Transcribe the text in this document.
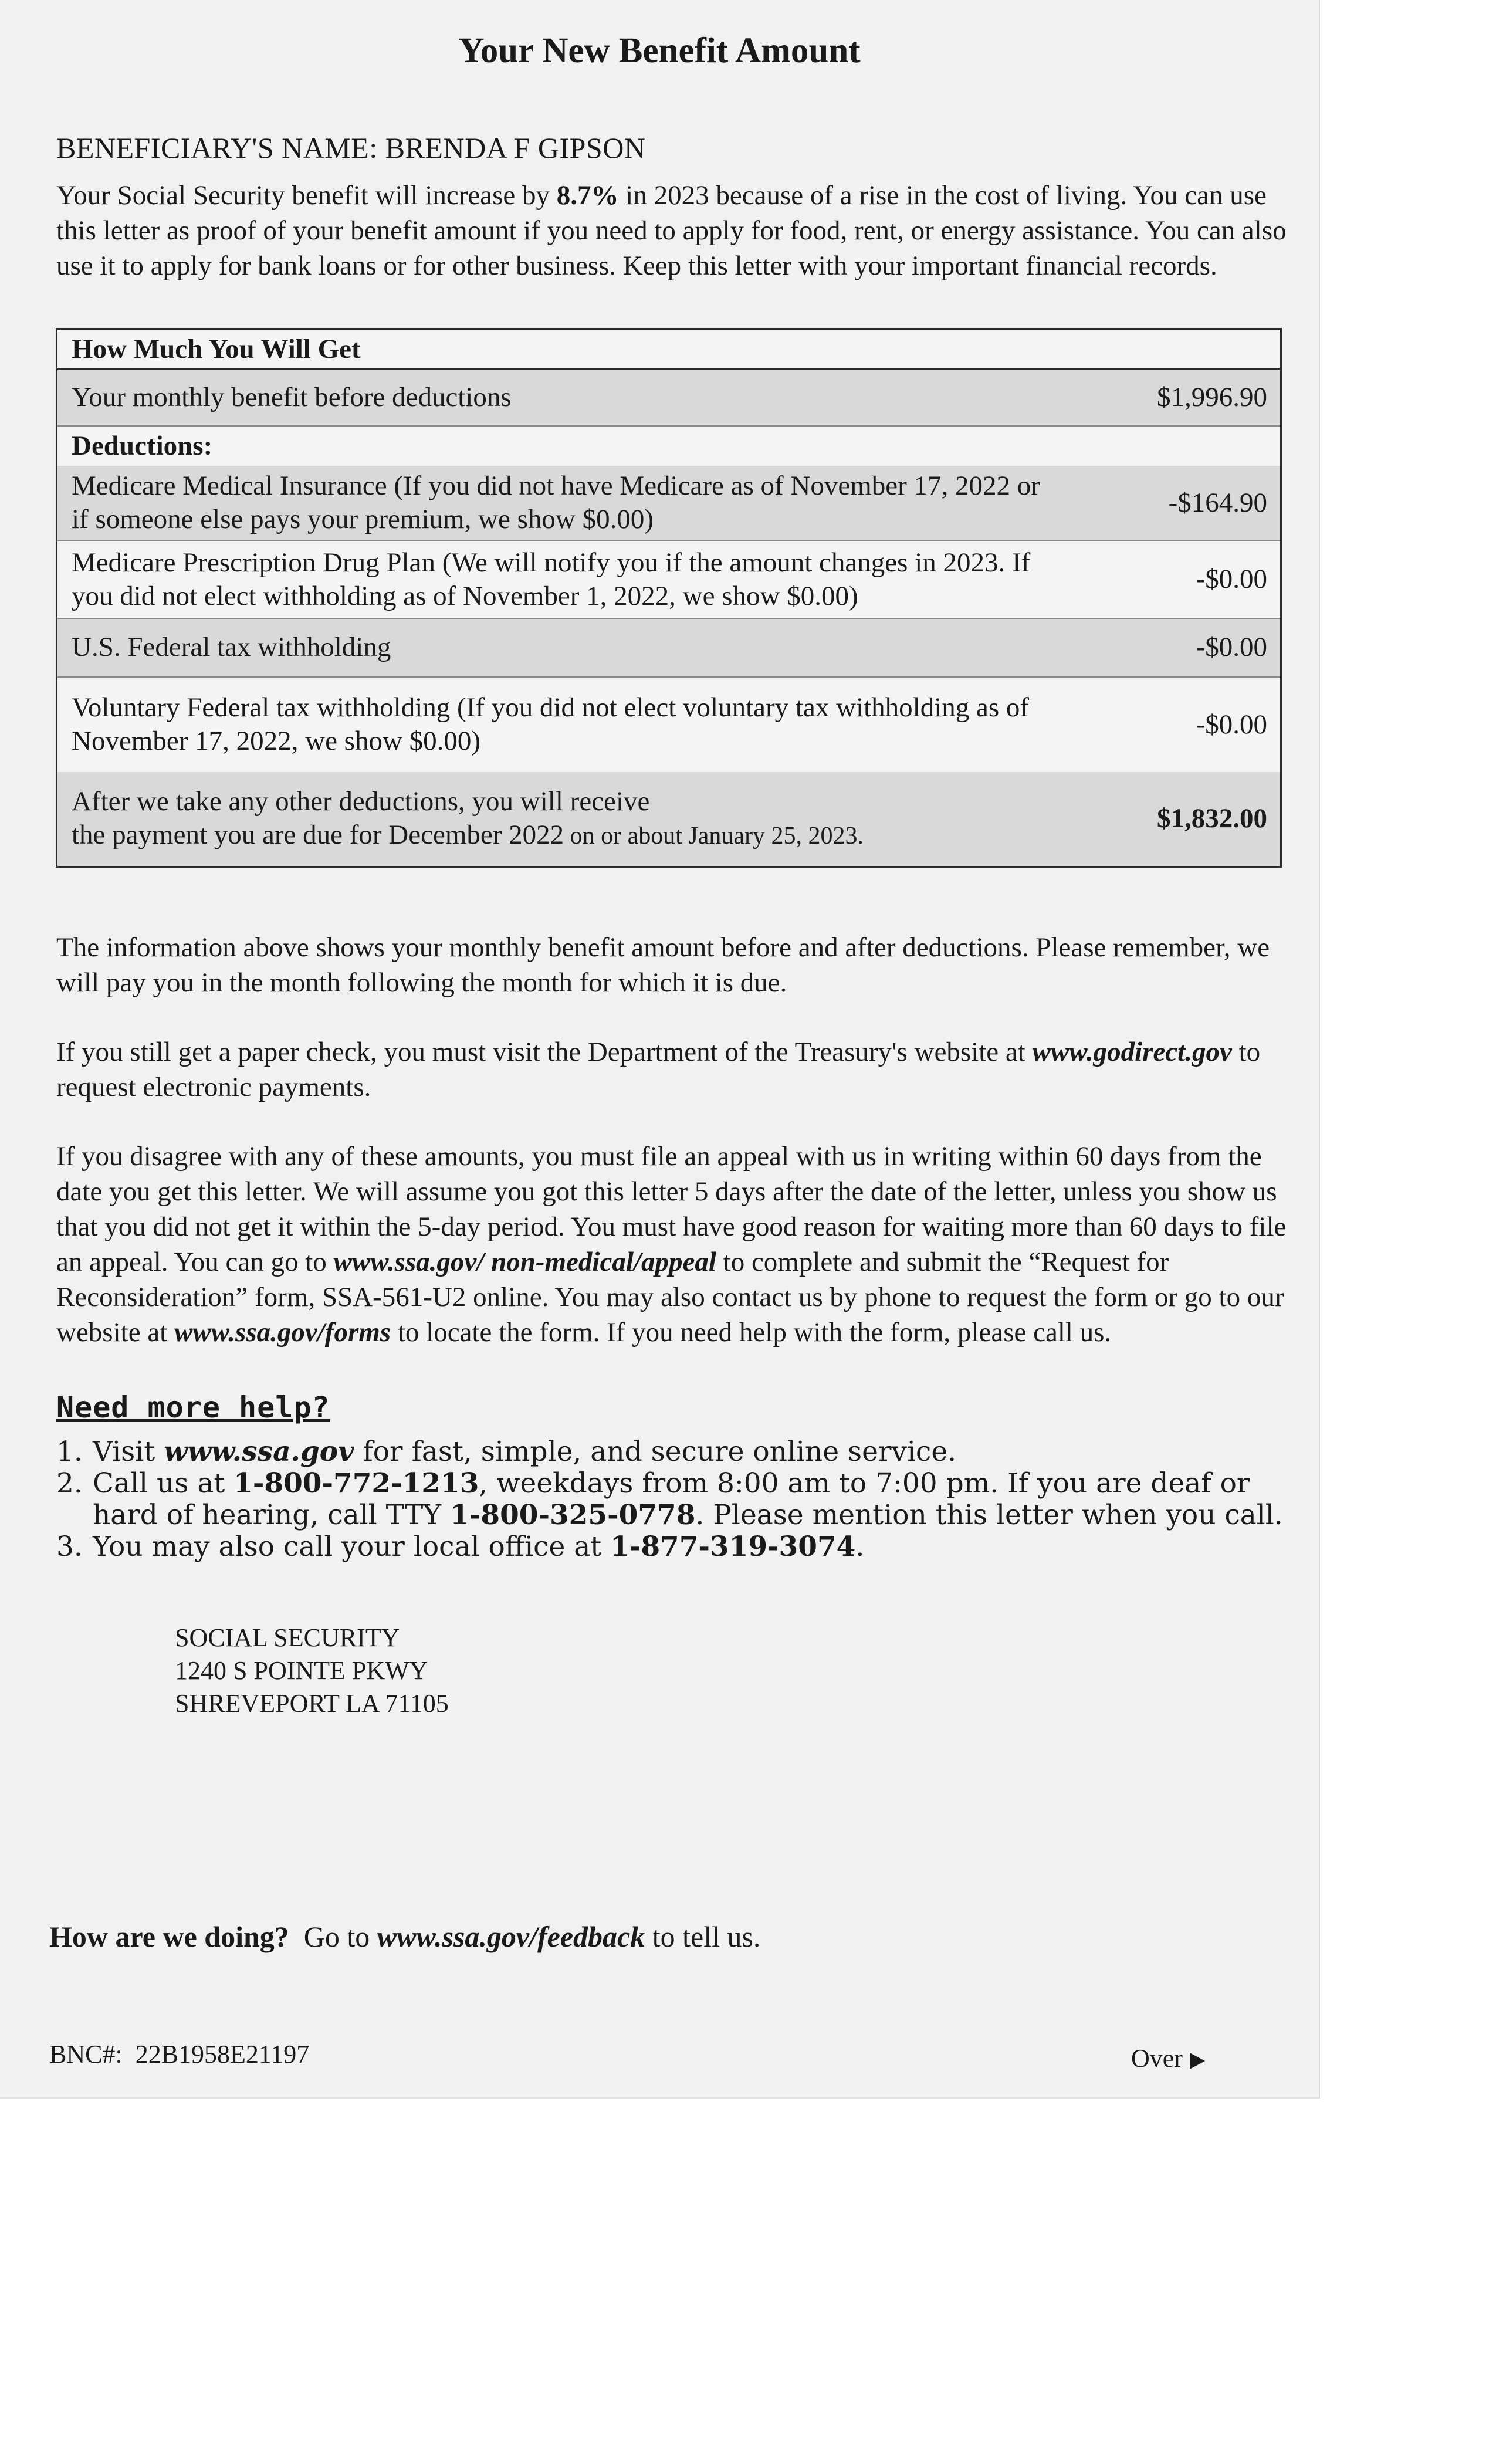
Your New Benefit Amount
BENEFICIARY'S NAME: BRENDA F GIPSON
Your Social Security benefit will increase by 8.7% in 2023 because of a rise in the cost of living. You can use this letter as proof of your benefit amount if you need to apply for food, rent, or energy assistance. You can also use it to apply for bank loans or for other business. Keep this letter with your important financial records.
How Much You Will Get	
Your monthly benefit before deductions	$1,996.90
Deductions:	
Medicare Medical Insurance (If you did not have Medicare as of November 17, 2022 or if someone else pays your premium, we show $0.00)	-$164.90
Medicare Prescription Drug Plan (We will notify you if the amount changes in 2023. If you did not elect withholding as of November 1, 2022, we show $0.00)	-$0.00
U.S. Federal tax withholding	-$0.00
Voluntary Federal tax withholding (If you did not elect voluntary tax withholding as of November 17, 2022, we show $0.00)	-$0.00
After we take any other deductions, you will receive
the payment you are due for December 2022 on or about January 25, 2023.	$1,832.00
The information above shows your monthly benefit amount before and after deductions. Please remember, we will pay you in the month following the month for which it is due.
If you still get a paper check, you must visit the Department of the Treasury's website at www.godirect.gov to request electronic payments.
If you disagree with any of these amounts, you must file an appeal with us in writing within 60 days from the date you get this letter. We will assume you got this letter 5 days after the date of the letter, unless you show us that you did not get it within the 5-day period. You must have good reason for waiting more than 60 days to file an appeal. You can go to www.ssa.gov/ non-medical/appeal to complete and submit the “Request for Reconsideration” form, SSA-561-U2 online. You may also contact us by phone to request the form or go to our website at www.ssa.gov/forms to locate the form. If you need help with the form, please call us.
Need more help?
1. Visit www.ssa.gov for fast, simple, and secure online service.
2. Call us at 1-800-772-1213, weekdays from 8:00 am to 7:00 pm. If you are deaf or hard of hearing, call TTY 1-800-325-0778. Please mention this letter when you call.
3. You may also call your local office at 1-877-319-3074.
SOCIAL SECURITY
1240 S POINTE PKWY
SHREVEPORT LA 71105
How are we doing?  Go to www.ssa.gov/feedback to tell us.
BNC#: 22B1958E21197	Over
